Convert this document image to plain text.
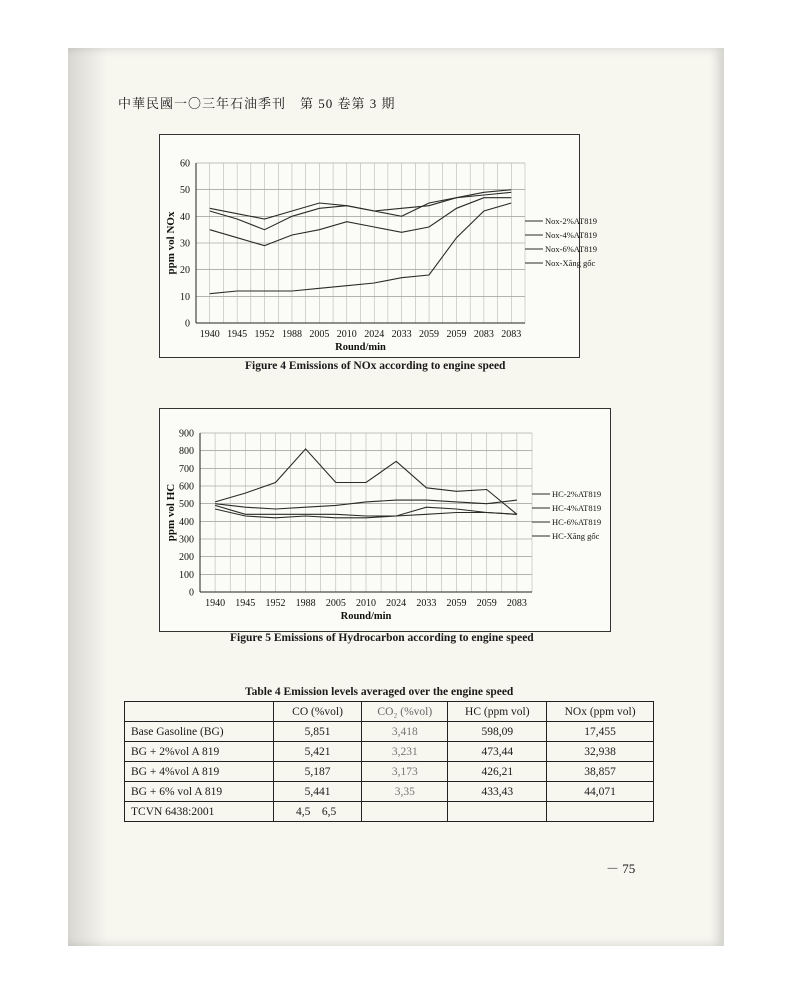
中華民國一〇三年石油季刊　第 50 卷第 3 期
0
10
20
30
40
50
60
1940 1945 1952 1988 2005 2010 2024 2033 2059 2059 2083 2083
Round/min
ppm vol NOx	Nox-2%AT819
Nox-4%AT819
Nox-6%AT819
Nox-Xăng gốc
Figure 4 Emissions of NOx according to engine speed
0
100
200
300
400
500
600
700
800
900
1940 1945 1952 1988 2005 2010 2024 2033 2059 2059 2083
Round/min
ppm vol HC	HC-2%AT819
HC-4%AT819
HC-6%AT819
HC-Xăng gốc
Figure 5 Emissions of Hydrocarbon according to engine speed
Table 4 Emission levels averaged over the engine speed
	CO (%vol)	CO₂ (%vol)	HC (ppm vol)	NOx (ppm vol)
Base Gasoline (BG)	5,851	3,418	598,09	17,455
BG + 2%vol A 819	5,421	3,231	473,44	32,938
BG + 4%vol A 819	5,187	3,173	426,21	38,857
BG + 6% vol A 819	5,441	3,35	433,43	44,071
TCVN 6438:2001	4,5    6,5			
－ 75
